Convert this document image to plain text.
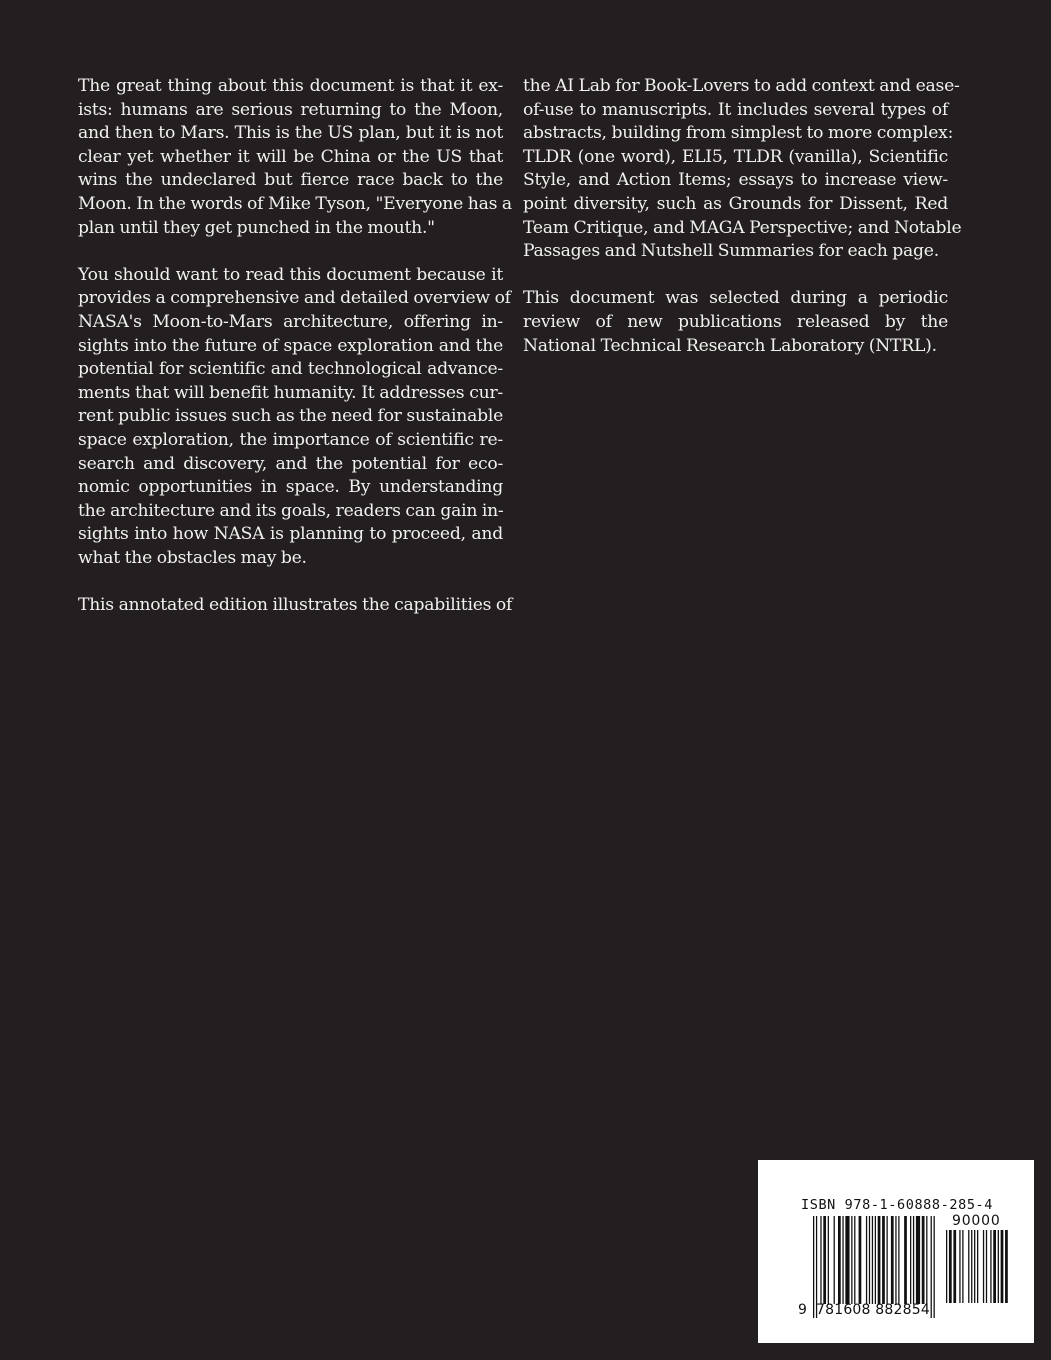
The great thing about this document is that it ex-
ists: humans are serious returning to the Moon,
and then to Mars. This is the US plan, but it is not
clear yet whether it will be China or the US that
wins the undeclared but fierce race back to the
Moon. In the words of Mike Tyson, "Everyone has a
plan until they get punched in the mouth."

You should want to read this document because it
provides a comprehensive and detailed overview of
NASA's Moon-to-Mars architecture, offering in-
sights into the future of space exploration and the
potential for scientific and technological advance-
ments that will benefit humanity. It addresses cur-
rent public issues such as the need for sustainable
space exploration, the importance of scientific re-
search and discovery, and the potential for eco-
nomic opportunities in space. By understanding
the architecture and its goals, readers can gain in-
sights into how NASA is planning to proceed, and
what the obstacles may be.

This annotated edition illustrates the capabilities of

the AI Lab for Book-Lovers to add context and ease-
of-use to manuscripts. It includes several types of
abstracts, building from simplest to more complex:
TLDR (one word), ELI5, TLDR (vanilla), Scientific
Style, and Action Items; essays to increase view-
point diversity, such as Grounds for Dissent, Red
Team Critique, and MAGA Perspective; and Notable
Passages and Nutshell Summaries for each page.

This document was selected during a periodic
review of new publications released by the
National Technical Research Laboratory (NTRL).

ISBN 978-1-60888-285-4
90000
9 781608 882854
